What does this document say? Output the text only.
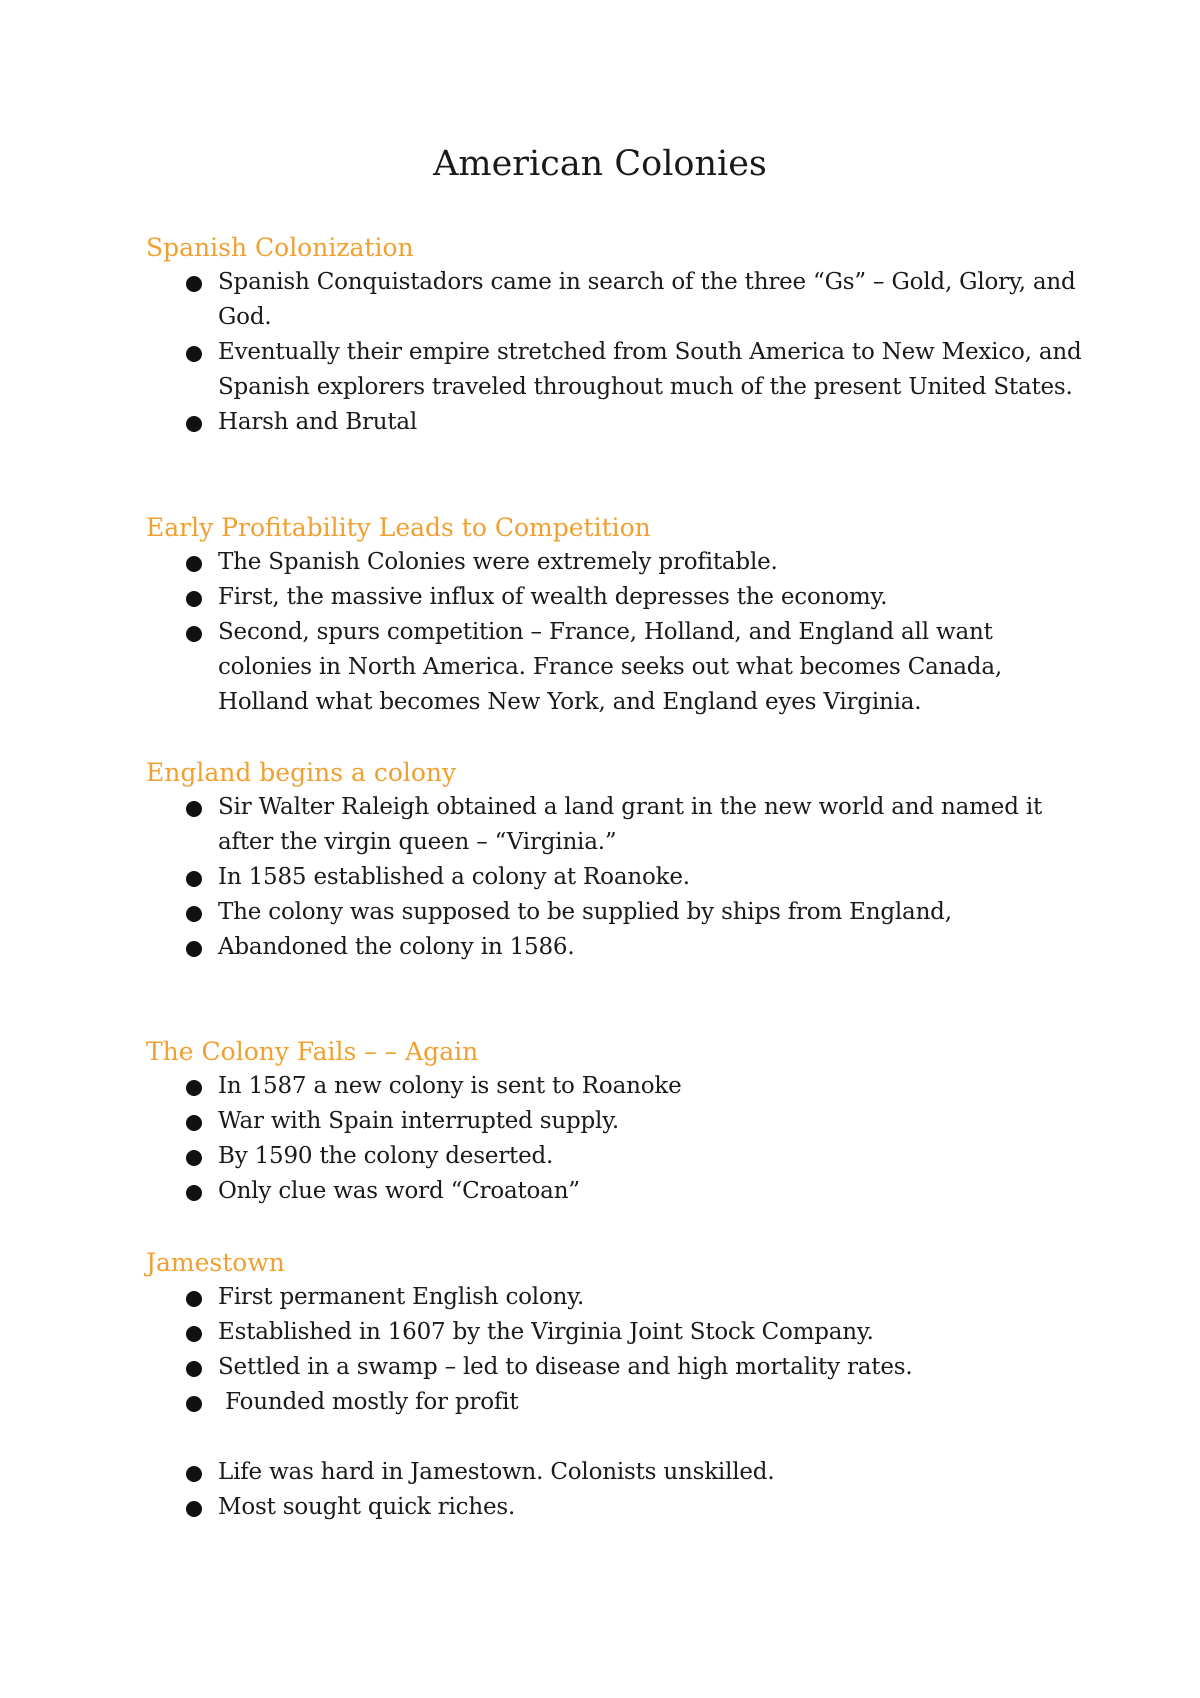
American Colonies
Spanish Colonization
Spanish Conquistadors came in search of the three “Gs” – Gold, Glory, and God.
Eventually their empire stretched from South America to New Mexico, and Spanish explorers traveled throughout much of the present United States.
Harsh and Brutal
Early Profitability Leads to Competition
The Spanish Colonies were extremely profitable.
First, the massive influx of wealth depresses the economy.
Second, spurs competition – France, Holland, and England all want colonies in North America. France seeks out what becomes Canada, Holland what becomes New York, and England eyes Virginia.
England begins a colony
Sir Walter Raleigh obtained a land grant in the new world and named it after the virgin queen – “Virginia.”
In 1585 established a colony at Roanoke.
The colony was supposed to be supplied by ships from England,
Abandoned the colony in 1586.
The Colony Fails – – Again
In 1587 a new colony is sent to Roanoke
War with Spain interrupted supply.
By 1590 the colony deserted.
Only clue was word “Croatoan”
Jamestown
First permanent English colony.
Established in 1607 by the Virginia Joint Stock Company.
Settled in a swamp – led to disease and high mortality rates.
Founded mostly for profit
Life was hard in Jamestown. Colonists unskilled.
Most sought quick riches.
